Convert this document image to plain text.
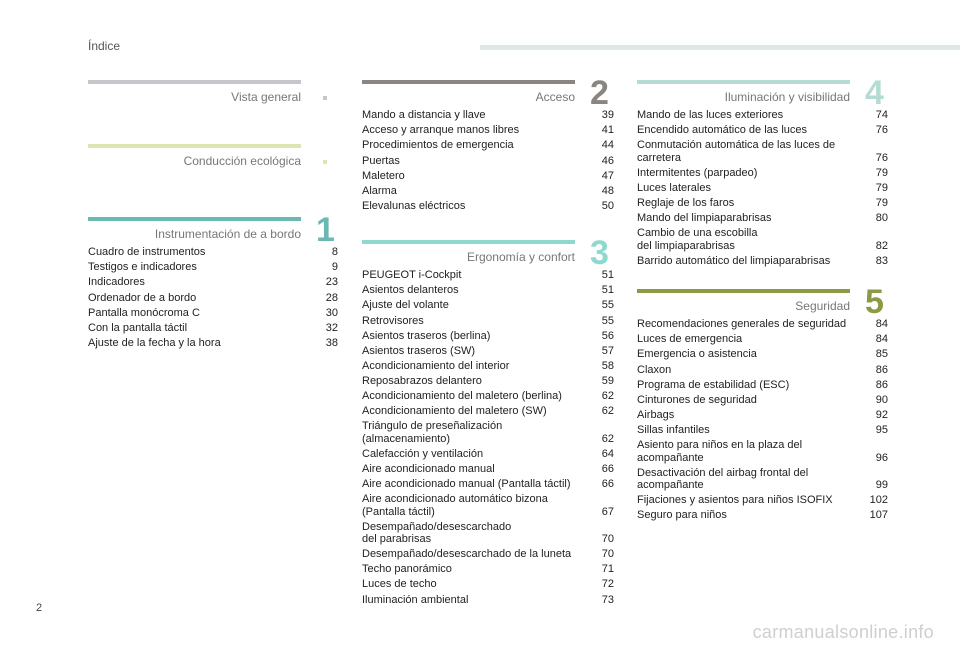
Índice
Vista general
Conducción ecológica
Instrumentación de a bordo 1
Cuadro de instrumentos	8
Testigos e indicadores	9
Indicadores	23
Ordenador de a bordo	28
Pantalla monócroma C	30
Con la pantalla táctil	32
Ajuste de la fecha y la hora	38
Acceso 2
Mando a distancia y llave	39
Acceso y arranque manos libres	41
Procedimientos de emergencia	44
Puertas	46
Maletero	47
Alarma	48
Elevalunas eléctricos	50
Ergonomía y confort 3
PEUGEOT i-Cockpit	51
Asientos delanteros	51
Ajuste del volante	55
Retrovisores	55
Asientos traseros (berlina)	56
Asientos traseros (SW)	57
Acondicionamiento del interior	58
Reposabrazos delantero	59
Acondicionamiento del maletero (berlina)	62
Acondicionamiento del maletero (SW)	62
Triángulo de preseñalización
(almacenamiento)	62
Calefacción y ventilación	64
Aire acondicionado manual	66
Aire acondicionado manual (Pantalla táctil)	66
Aire acondicionado automático bizona
(Pantalla táctil)	67
Desempañado/desescarchado
del parabrisas	70
Desempañado/desescarchado de la luneta	70
Techo panorámico	71
Luces de techo	72
Iluminación ambiental	73
Iluminación y visibilidad 4
Mando de las luces exteriores	74
Encendido automático de las luces	76
Conmutación automática de las luces de
carretera	76
Intermitentes (parpadeo)	79
Luces laterales	79
Reglaje de los faros	79
Mando del limpiaparabrisas	80
Cambio de una escobilla
del limpiaparabrisas	82
Barrido automático del limpiaparabrisas	83
Seguridad 5
Recomendaciones generales de seguridad	84
Luces de emergencia	84
Emergencia o asistencia	85
Claxon	86
Programa de estabilidad (ESC)	86
Cinturones de seguridad	90
Airbags	92
Sillas infantiles	95
Asiento para niños en la plaza del
acompañante	96
Desactivación del airbag frontal del
acompañante	99
Fijaciones y asientos para niños ISOFIX	102
Seguro para niños	107
2
carmanualsonline.info
